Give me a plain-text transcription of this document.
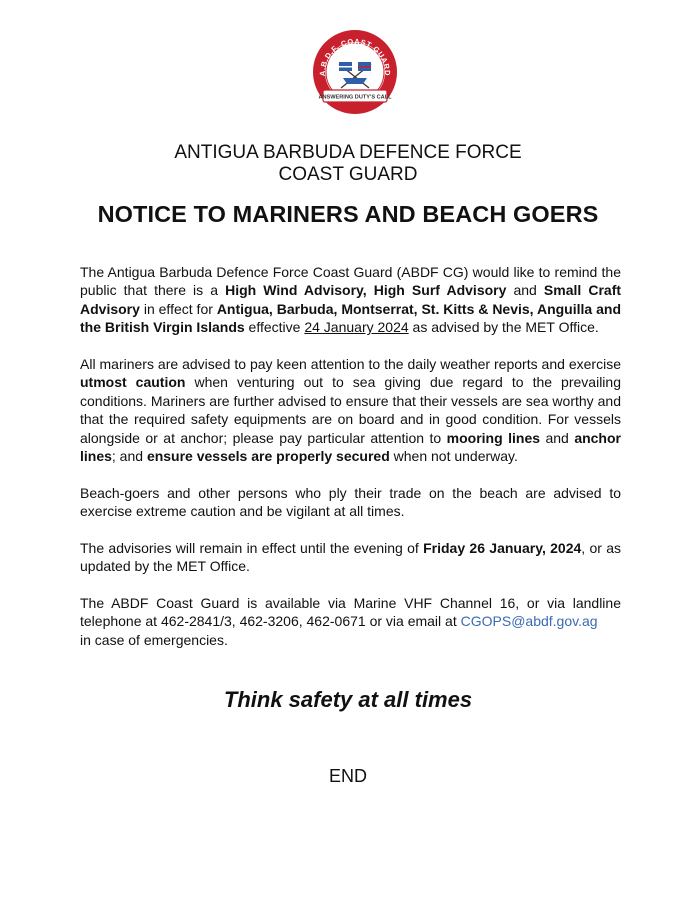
A.B.D.F. COAST GUARD
ANSWERING DUTY'S CALL
ANTIGUA BARBUDA DEFENCE FORCE
COAST GUARD
NOTICE TO MARINERS AND BEACH GOERS

The Antigua Barbuda Defence Force Coast Guard (ABDF CG) would like to remind the public that there is a High Wind Advisory, High Surf Advisory and Small Craft Advisory in effect for Antigua, Barbuda, Montserrat, St. Kitts & Nevis, Anguilla and the British Virgin Islands effective 24 January 2024 as advised by the MET Office.

All mariners are advised to pay keen attention to the daily weather reports and exercise utmost caution when venturing out to sea giving due regard to the prevailing conditions. Mariners are further advised to ensure that their vessels are sea worthy and that the required safety equipments are on board and in good condition. For vessels alongside or at anchor; please pay particular attention to mooring lines and anchor lines; and ensure vessels are properly secured when not underway.

Beach-goers and other persons who ply their trade on the beach are advised to exercise extreme caution and be vigilant at all times.

The advisories will remain in effect until the evening of Friday 26 January, 2024, or as updated by the MET Office.

The ABDF Coast Guard is available via Marine VHF Channel 16, or via landline telephone at 462-2841/3, 462-3206, 462-0671 or via email at CGOPS@abdf.gov.ag
in case of emergencies.

Think safety at all times
END
